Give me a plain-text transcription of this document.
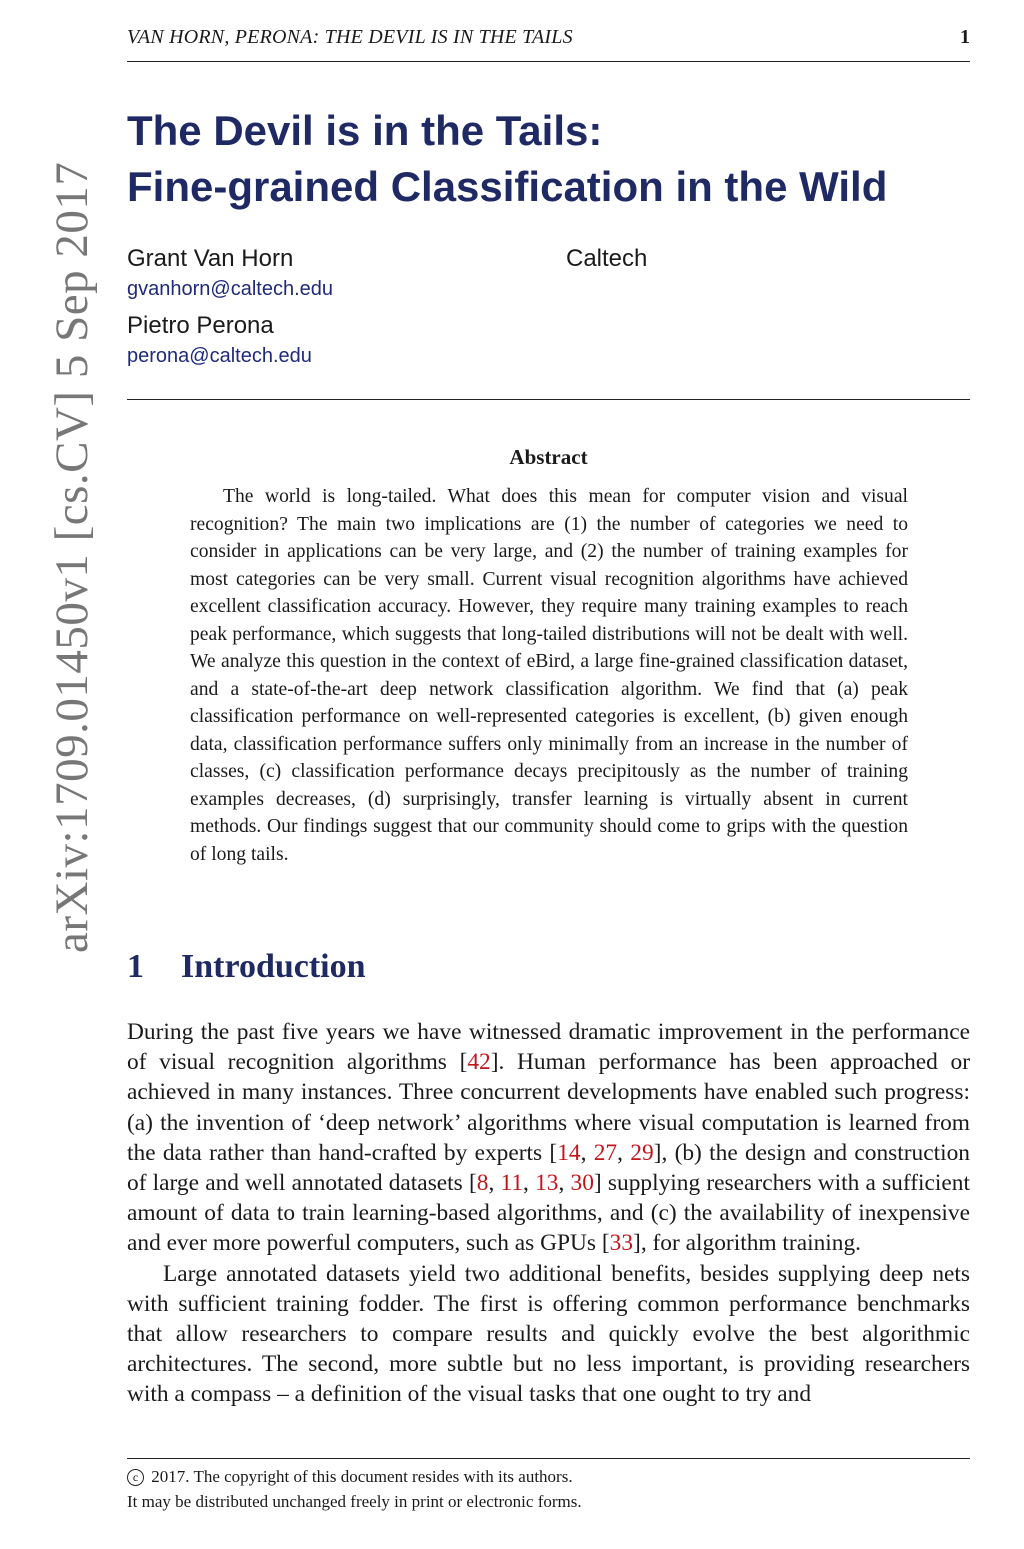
VAN HORN, PERONA: THE DEVIL IS IN THE TAILS	1
arXiv:1709.01450v1 [cs.CV] 5 Sep 2017
The Devil is in the Tails:
Fine-grained Classification in the Wild
Grant Van Horn	Caltech
gvanhorn@caltech.edu
Pietro Perona
perona@caltech.edu
Abstract

The world is long-tailed. What does this mean for computer vision and visual recognition? The main two implications are (1) the number of categories we need to consider in applications can be very large, and (2) the number of training examples for most categories can be very small. Current visual recognition algorithms have achieved excellent classification accuracy. However, they require many training examples to reach peak performance, which suggests that long-tailed distributions will not be dealt with well. We analyze this question in the context of eBird, a large fine-grained classification dataset, and a state-of-the-art deep network classification algorithm. We find that (a) peak classification performance on well-represented categories is excellent, (b) given enough data, classification performance suffers only minimally from an increase in the number of classes, (c) classification performance decays precipitously as the number of training examples decreases, (d) surprisingly, transfer learning is virtually absent in current methods. Our findings suggest that our community should come to grips with the question of long tails.

1 Introduction

During the past five years we have witnessed dramatic improvement in the performance of visual recognition algorithms [42]. Human performance has been approached or achieved in many instances. Three concurrent developments have enabled such progress: (a) the invention of ‘deep network’ algorithms where visual computation is learned from the data rather than hand-crafted by experts [14, 27, 29], (b) the design and construction of large and well annotated datasets [8, 11, 13, 30] supplying researchers with a sufficient amount of data to train learning-based algorithms, and (c) the availability of inexpensive and ever more powerful computers, such as GPUs [33], for algorithm training.

Large annotated datasets yield two additional benefits, besides supplying deep nets with sufficient training fodder. The first is offering common performance benchmarks that allow researchers to compare results and quickly evolve the best algorithmic architectures. The second, more subtle but no less important, is providing researchers with a compass – a definition of the visual tasks that one ought to try and

c 2017. The copyright of this document resides with its authors.
It may be distributed unchanged freely in print or electronic forms.
